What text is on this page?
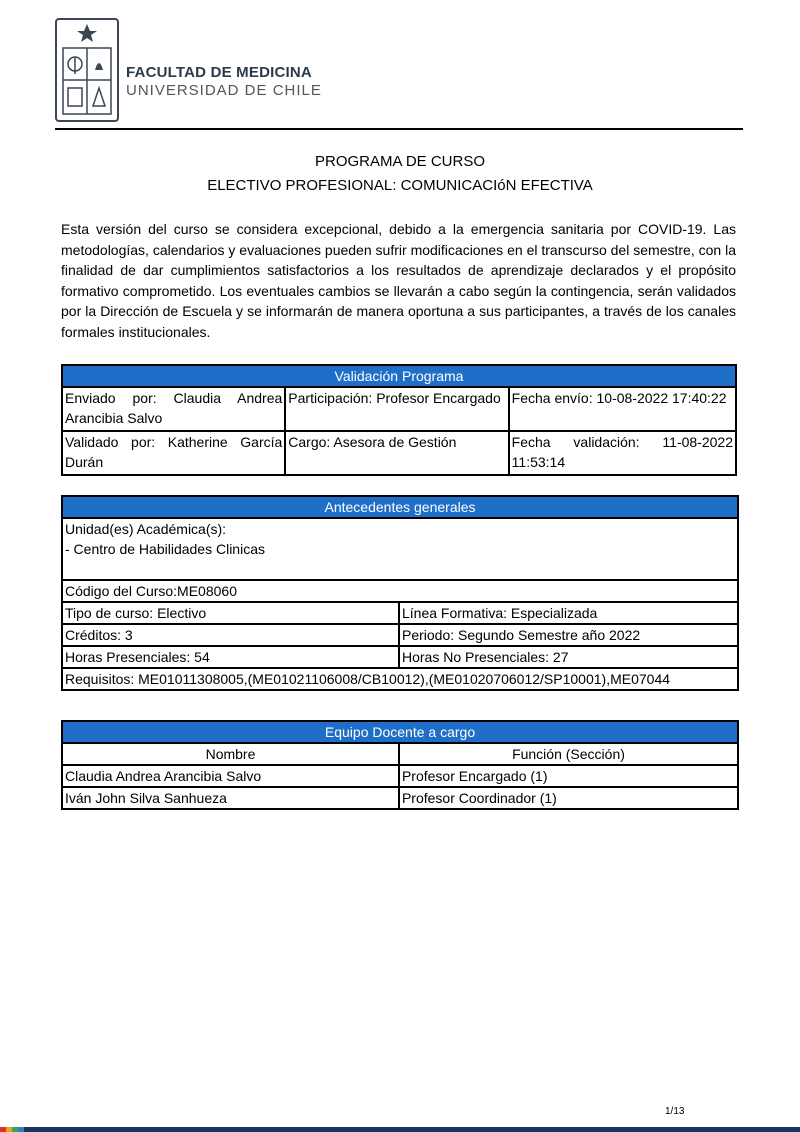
FACULTAD DE MEDICINA
UNIVERSIDAD DE CHILE
PROGRAMA DE CURSO
ELECTIVO PROFESIONAL: COMUNICACIóN EFECTIVA
Esta versión del curso se considera excepcional, debido a la emergencia sanitaria por COVID-19. Las metodologías, calendarios y evaluaciones pueden sufrir modificaciones en el transcurso del semestre, con la finalidad de dar cumplimientos satisfactorios a los resultados de aprendizaje declarados y el propósito formativo comprometido. Los eventuales cambios se llevarán a cabo según la contingencia, serán validados por la Dirección de Escuela y se informarán de manera oportuna a sus participantes, a través de los canales formales institucionales.
Validación Programa		
Enviado por: Claudia Andrea Arancibia Salvo	Participación: Profesor Encargado	Fecha envío: 10-08-2022 17:40:22
Validado por: Katherine García Durán	Cargo: Asesora de Gestión	Fecha validación: 11-08-2022 11:53:14
Antecedentes generales	

Unidad(es) Académica(s):
- Centro de Habilidades Clinicas	

Código del Curso:ME08060	
Tipo de curso: Electivo	Línea Formativa: Especializada
Créditos: 3	Periodo: Segundo Semestre año 2022
Horas Presenciales: 54	Horas No Presenciales: 27
Requisitos: ME01011308005,(ME01021106008/CB10012),(ME01020706012/SP10001),ME07044	
Equipo Docente a cargo	
Nombre	Función (Sección)
Claudia Andrea Arancibia Salvo	Profesor Encargado (1)
Iván John Silva Sanhueza	Profesor Coordinador (1)
1/13
